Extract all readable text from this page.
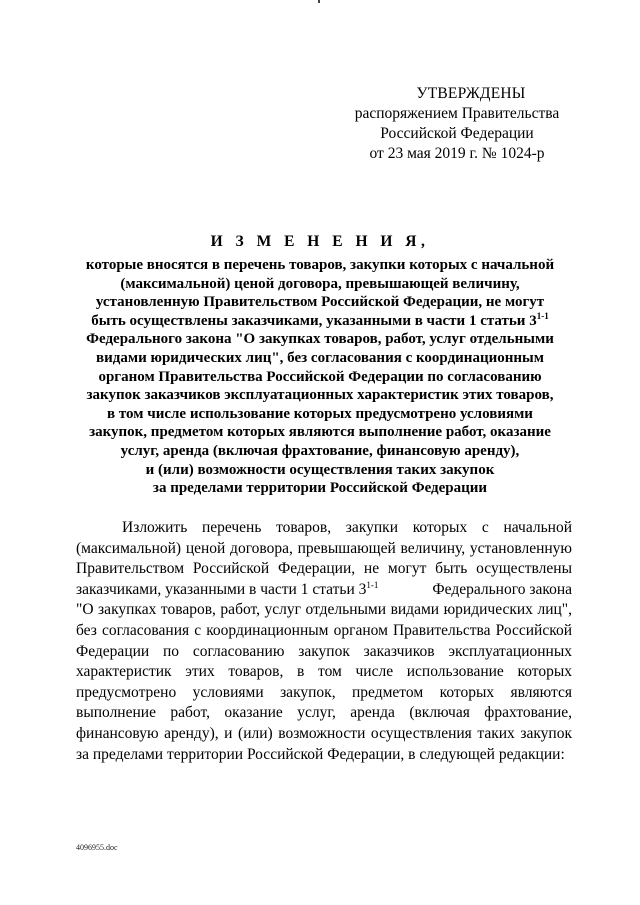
УТВЕРЖДЕНЫ
распоряжением Правительства
Российской Федерации
от 23 мая 2019 г. № 1024-р
И З М Е Н Е Н И Я,
которые вносятся в перечень товаров, закупки которых с начальной
(максимальной) ценой договора, превышающей величину,
установленную Правительством Российской Федерации, не могут
быть осуществлены заказчиками, указанными в части 1 статьи 3$^{1-1}$
Федерального закона "О закупках товаров, работ, услуг отдельными
видами юридических лиц", без согласования с координационным
органом Правительства Российской Федерации по согласованию
закупок заказчиков эксплуатационных характеристик этих товаров,
в том числе использование которых предусмотрено условиями
закупок, предметом которых являются выполнение работ, оказание
услуг, аренда (включая фрахтование, финансовую аренду),
и (или) возможности осуществления таких закупок
за пределами территории Российской Федерации
Изложить перечень товаров, закупки которых с начальной
(максимальной) ценой договора, превышающей величину, установленную
Правительством Российской Федерации, не могут быть осуществлены
заказчиками, указанными в части 1 статьи 3$^{1-1}$	Федерального закона
"О закупках товаров, работ, услуг отдельными видами юридических лиц",
без согласования с координационным органом Правительства Российской
Федерации по согласованию закупок заказчиков эксплуатационных
характеристик этих товаров, в том числе использование которых
предусмотрено условиями закупок, предметом которых являются
выполнение работ, оказание услуг, аренда (включая фрахтование,
финансовую аренду), и (или) возможности осуществления таких закупок
за пределами территории Российской Федерации, в следующей редакции:
4096955.doc
